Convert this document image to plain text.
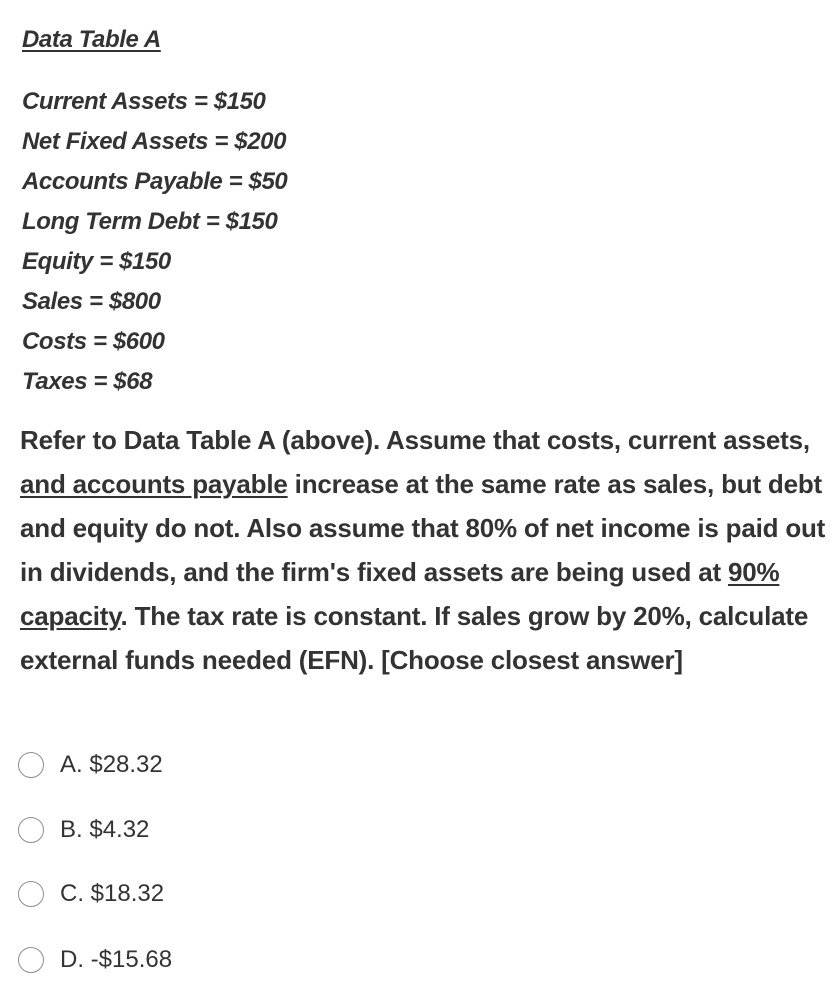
Data Table A
Current Assets = $150
Net Fixed Assets = $200
Accounts Payable = $50
Long Term Debt = $150
Equity = $150
Sales = $800
Costs = $600
Taxes = $68
Refer to Data Table A (above). Assume that costs, current assets, and accounts payable increase at the same rate as sales, but debt and equity do not. Also assume that 80% of net income is paid out in dividends, and the firm's fixed assets are being used at 90% capacity. The tax rate is constant. If sales grow by 20%, calculate external funds needed (EFN). [Choose closest answer]
A. $28.32
B. $4.32
C. $18.32
D. -$15.68
